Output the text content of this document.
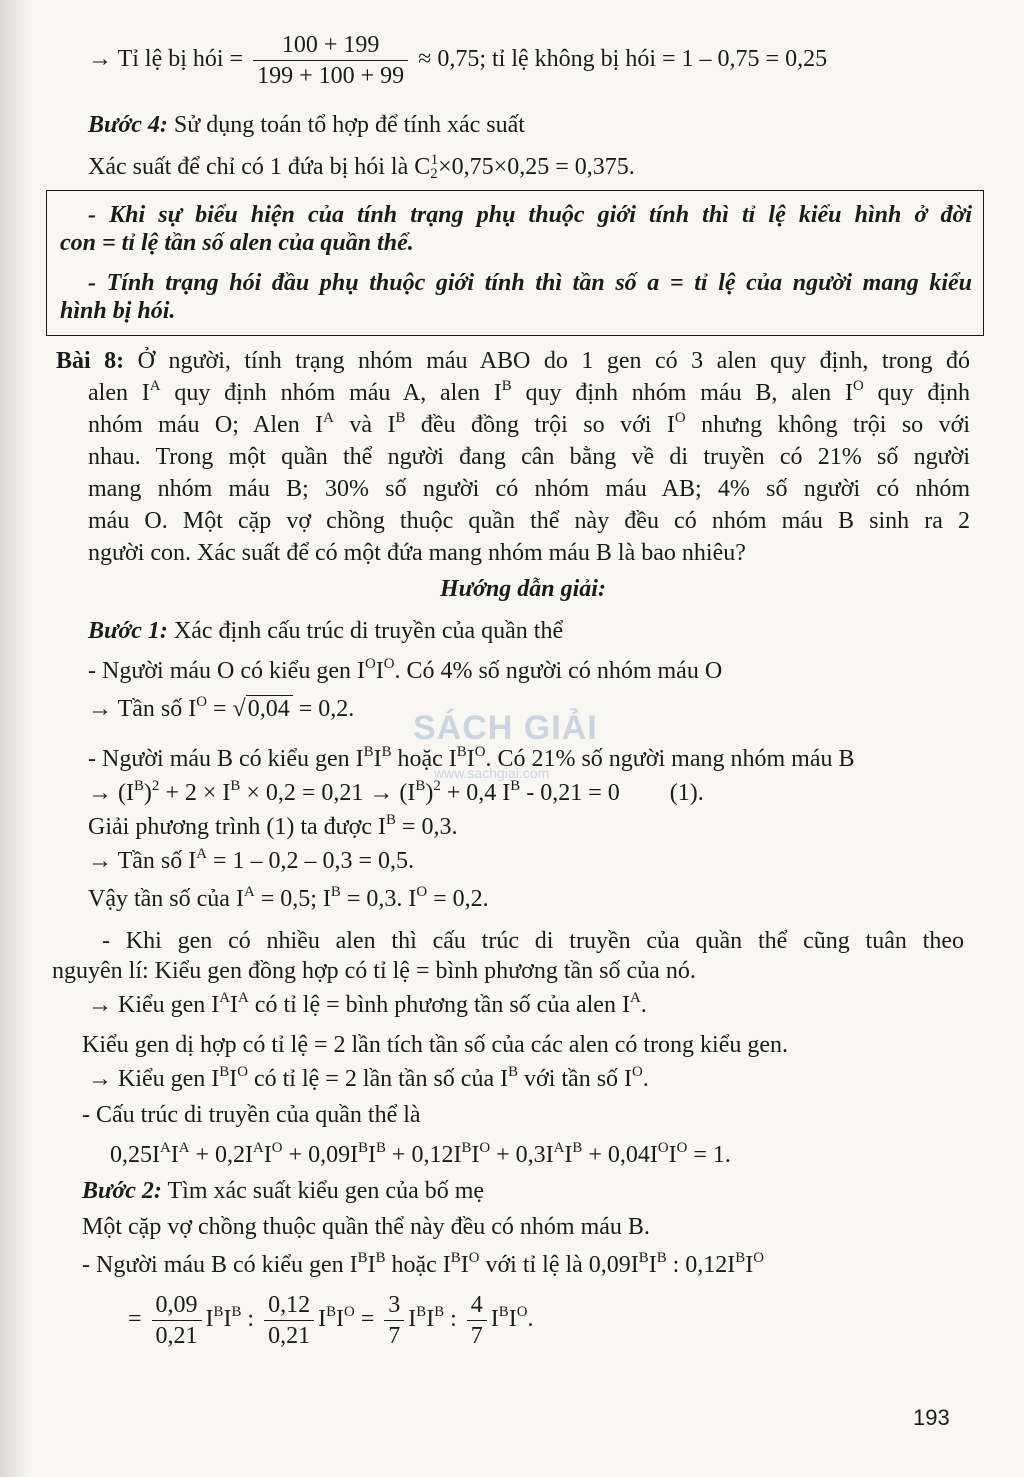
→ Tỉ lệ bị hói = $\frac{100 + 199}{199 + 100 + 99} \approx 0,75$; tỉ lệ không bị hói = 1 – 0,75 = 0,25
Bước 4: Sử dụng toán tổ hợp để tính xác suất
Xác suất để chỉ có 1 đứa bị hói là $C_2^1\times 0,75\times 0,25 = 0,375$.
- Khi sự biểu hiện của tính trạng phụ thuộc giới tính thì tỉ lệ kiểu hình ở đời
con = tỉ lệ tần số alen của quần thể.
- Tính trạng hói đầu phụ thuộc giới tính thì tần số a = tỉ lệ của người mang kiểu
hình bị hói.
Bài 8: Ở người, tính trạng nhóm máu ABO do 1 gen có 3 alen quy định, trong đó
alen $I^A$ quy định nhóm máu A, alen $I^B$ quy định nhóm máu B, alen $I^O$ quy định
nhóm máu O; Alen $I^A$ và $I^B$ đều đồng trội so với $I^O$ nhưng không trội so với
nhau. Trong một quần thể người đang cân bằng về di truyền có 21% số người
mang nhóm máu B; 30% số người có nhóm máu AB; 4% số người có nhóm
máu O. Một cặp vợ chồng thuộc quần thể này đều có nhóm máu B sinh ra 2
người con. Xác suất để có một đứa mang nhóm máu B là bao nhiêu?
Hướng dẫn giải:
Bước 1: Xác định cấu trúc di truyền của quần thể
- Người máu O có kiểu gen $I^OI^O$. Có 4% số người có nhóm máu O
→ Tần số $I^O = √0,04 = 0,2$.
- Người máu B có kiểu gen $I^BI^B$ hoặc $I^BI^O$. Có 21% số người mang nhóm máu B
→ $(I^B)^2 + 2 \times I^B \times 0,2 = 0,21 \to (I^B)^2 + 0,4$ $I^B - 0,21 = 0$ (1).
Giải phương trình (1) ta được $I^B = 0,3$.
→ Tần số $I^A = 1 - 0,2 - 0,3 = 0,5$.
Vậy tần số của $I^A = 0,5$; $I^B = 0,3$. $I^O = 0,2$.
- Khi gen có nhiều alen thì cấu trúc di truyền của quần thể cũng tuân theo
nguyên lí: Kiểu gen đồng hợp có tỉ lệ = bình phương tần số của nó.
→ Kiểu gen $I^AI^A$ có tỉ lệ = bình phương tần số của alen $I^A$.
Kiểu gen dị hợp có tỉ lệ = 2 lần tích tần số của các alen có trong kiểu gen.
→ Kiểu gen $I^BI^O$ có tỉ lệ = 2 lần tần số của $I^B$ với tần số $I^O$.
- Cấu trúc di truyền của quần thể là
$0,25I^AI^A + 0,2I^AI^O + 0,09I^BI^B + 0,12I^BI^O + 0,3I^AI^B + 0,04I^OI^O = 1$.
Bước 2: Tìm xác suất kiểu gen của bố mẹ
Một cặp vợ chồng thuộc quần thể này đều có nhóm máu B.
- Người máu B có kiểu gen $I^BI^B$ hoặc $I^BI^O$ với tỉ lệ là $0,09I^BI^B$ : $0,12I^BI^O$
= $\frac{0,09}{0,21} I^BI^B$ : $\frac{0,12}{0,21} I^BI^O = \frac{3}{7} I^BI^B$ : $\frac{4}{7} I^BI^O$.
SÁCH GIẢI
www.sachgiai.com
193
